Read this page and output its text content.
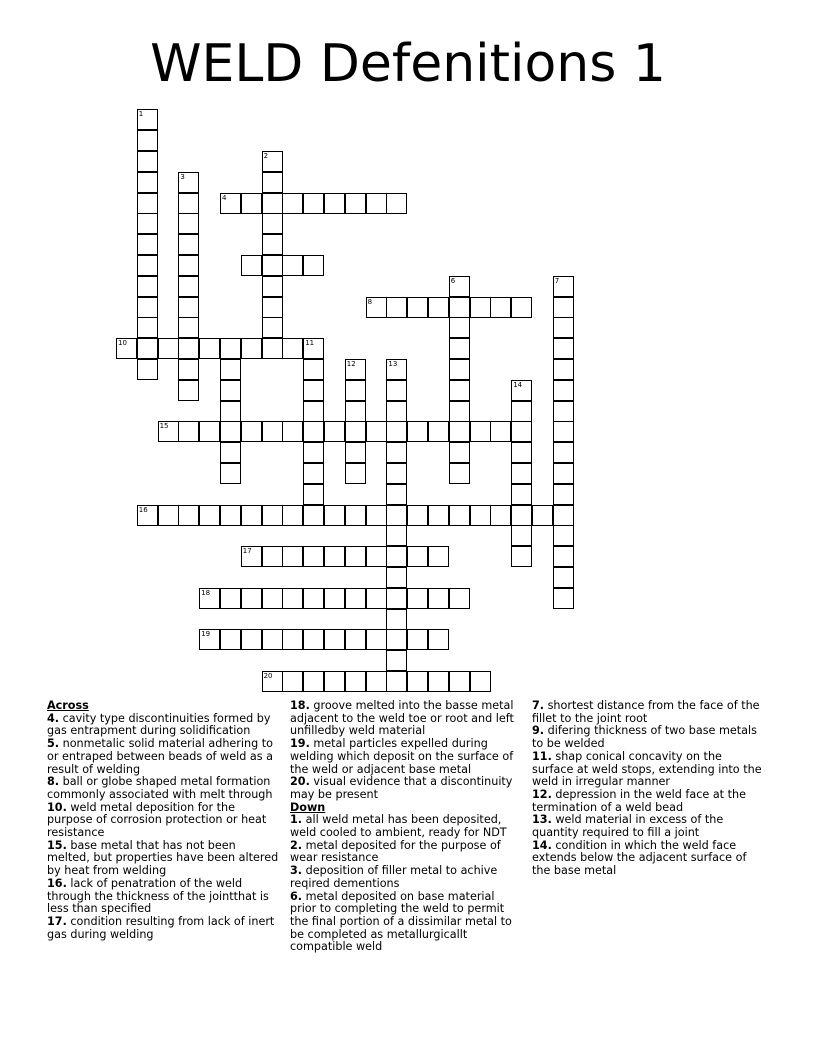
WELD Defenitions 1
1
2
3
4
6
8
7
10	11
12	13
14
15
16
17
18
19
20
Across
4. cavity type discontinuities formed by gas entrapment during solidification
5. nonmetalic solid material adhering to or entraped between beads of weld as a result of welding
8. ball or globe shaped metal formation commonly associated with melt through
10. weld metal deposition for the purpose of corrosion protection or heat resistance
15. base metal that has not been melted, but properties have been altered by heat from welding
16. lack of penatration of the weld through the thickness of the jointthat is less than specified
17. condition resulting from lack of inert gas during welding
18. groove melted into the basse metal adjacent to the weld toe or root and left unfilledby weld material
19. metal particles expelled during welding which deposit on the surface of the weld or adjacent base metal
20. visual evidence that a discontinuity may be present
Down
1. all weld metal has been deposited, weld cooled to ambient, ready for NDT
2. metal deposited for the purpose of wear resistance
3. deposition of filler metal to achive reqired dementions
6. metal deposited on base material prior to completing the weld to permit the final portion of a dissimilar metal to be completed as metallurgicallt compatible weld
7. shortest distance from the face of the fillet to the joint root
9. difering thickness of two base metals to be welded
11. shap conical concavity on the surface at weld stops, extending into the weld in irregular manner
12. depression in the weld face at the termination of a weld bead
13. weld material in excess of the quantity required to fill a joint
14. condition in which the weld face extends below the adjacent surface of the base metal
